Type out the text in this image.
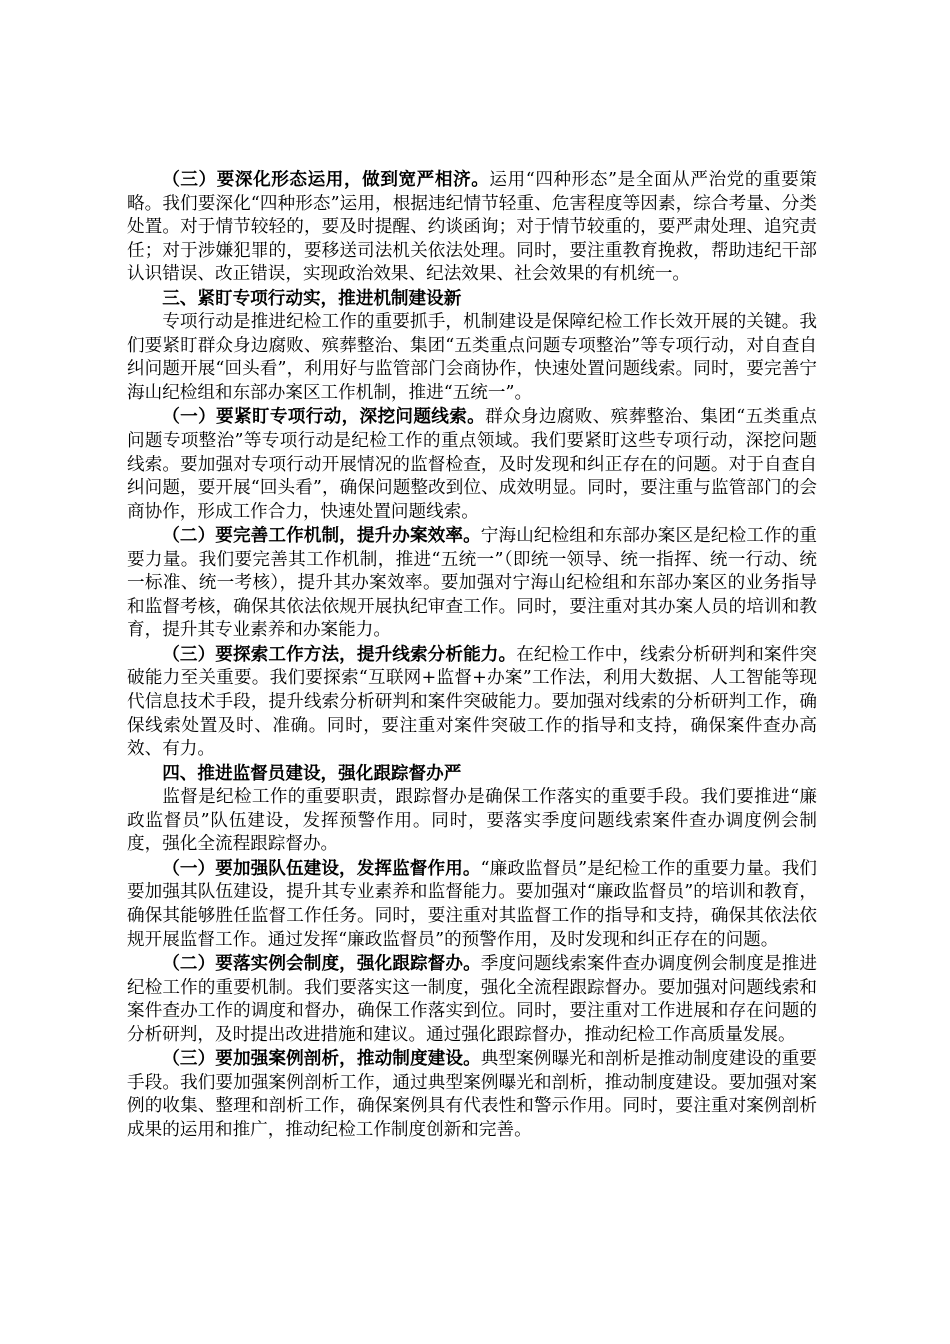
（三）要深化形态运用，做到宽严相济。运用“四种形态”是全面从严治党的重要策略。我们要深化“四种形态”运用，根据违纪情节轻重、危害程度等因素，综合考量、分类处置。对于情节较轻的，要及时提醒、约谈函询；对于情节较重的，要严肃处理、追究责任；对于涉嫌犯罪的，要移送司法机关依法处理。同时，要注重教育挽救，帮助违纪干部认识错误、改正错误，实现政治效果、纪法效果、社会效果的有机统一。

三、紧盯专项行动实，推进机制建设新

专项行动是推进纪检工作的重要抓手，机制建设是保障纪检工作长效开展的关键。我们要紧盯群众身边腐败、殡葬整治、集团“五类重点问题专项整治”等专项行动，对自查自纠问题开展“回头看”，利用好与监管部门会商协作，快速处置问题线索。同时，要完善宁海山纪检组和东部办案区工作机制，推进“五统一”。

（一）要紧盯专项行动，深挖问题线索。群众身边腐败、殡葬整治、集团“五类重点问题专项整治”等专项行动是纪检工作的重点领域。我们要紧盯这些专项行动，深挖问题线索。要加强对专项行动开展情况的监督检查，及时发现和纠正存在的问题。对于自查自纠问题，要开展“回头看”，确保问题整改到位、成效明显。同时，要注重与监管部门的会商协作，形成工作合力，快速处置问题线索。

（二）要完善工作机制，提升办案效率。宁海山纪检组和东部办案区是纪检工作的重要力量。我们要完善其工作机制，推进“五统一”（即统一领导、统一指挥、统一行动、统一标准、统一考核），提升其办案效率。要加强对宁海山纪检组和东部办案区的业务指导和监督考核，确保其依法依规开展执纪审查工作。同时，要注重对其办案人员的培训和教育，提升其专业素养和办案能力。

（三）要探索工作方法，提升线索分析能力。在纪检工作中，线索分析研判和案件突破能力至关重要。我们要探索“互联网+监督+办案”工作法，利用大数据、人工智能等现代信息技术手段，提升线索分析研判和案件突破能力。要加强对线索的分析研判工作，确保线索处置及时、准确。同时，要注重对案件突破工作的指导和支持，确保案件查办高效、有力。

四、推进监督员建设，强化跟踪督办严

监督是纪检工作的重要职责，跟踪督办是确保工作落实的重要手段。我们要推进“廉政监督员”队伍建设，发挥预警作用。同时，要落实季度问题线索案件查办调度例会制度，强化全流程跟踪督办。

（一）要加强队伍建设，发挥监督作用。“廉政监督员”是纪检工作的重要力量。我们要加强其队伍建设，提升其专业素养和监督能力。要加强对“廉政监督员”的培训和教育，确保其能够胜任监督工作任务。同时，要注重对其监督工作的指导和支持，确保其依法依规开展监督工作。通过发挥“廉政监督员”的预警作用，及时发现和纠正存在的问题。

（二）要落实例会制度，强化跟踪督办。季度问题线索案件查办调度例会制度是推进纪检工作的重要机制。我们要落实这一制度，强化全流程跟踪督办。要加强对问题线索和案件查办工作的调度和督办，确保工作落实到位。同时，要注重对工作进展和存在问题的分析研判，及时提出改进措施和建议。通过强化跟踪督办，推动纪检工作高质量发展。

（三）要加强案例剖析，推动制度建设。典型案例曝光和剖析是推动制度建设的重要手段。我们要加强案例剖析工作，通过典型案例曝光和剖析，推动制度建设。要加强对案例的收集、整理和剖析工作，确保案例具有代表性和警示作用。同时，要注重对案例剖析成果的运用和推广，推动纪检工作制度创新和完善。
